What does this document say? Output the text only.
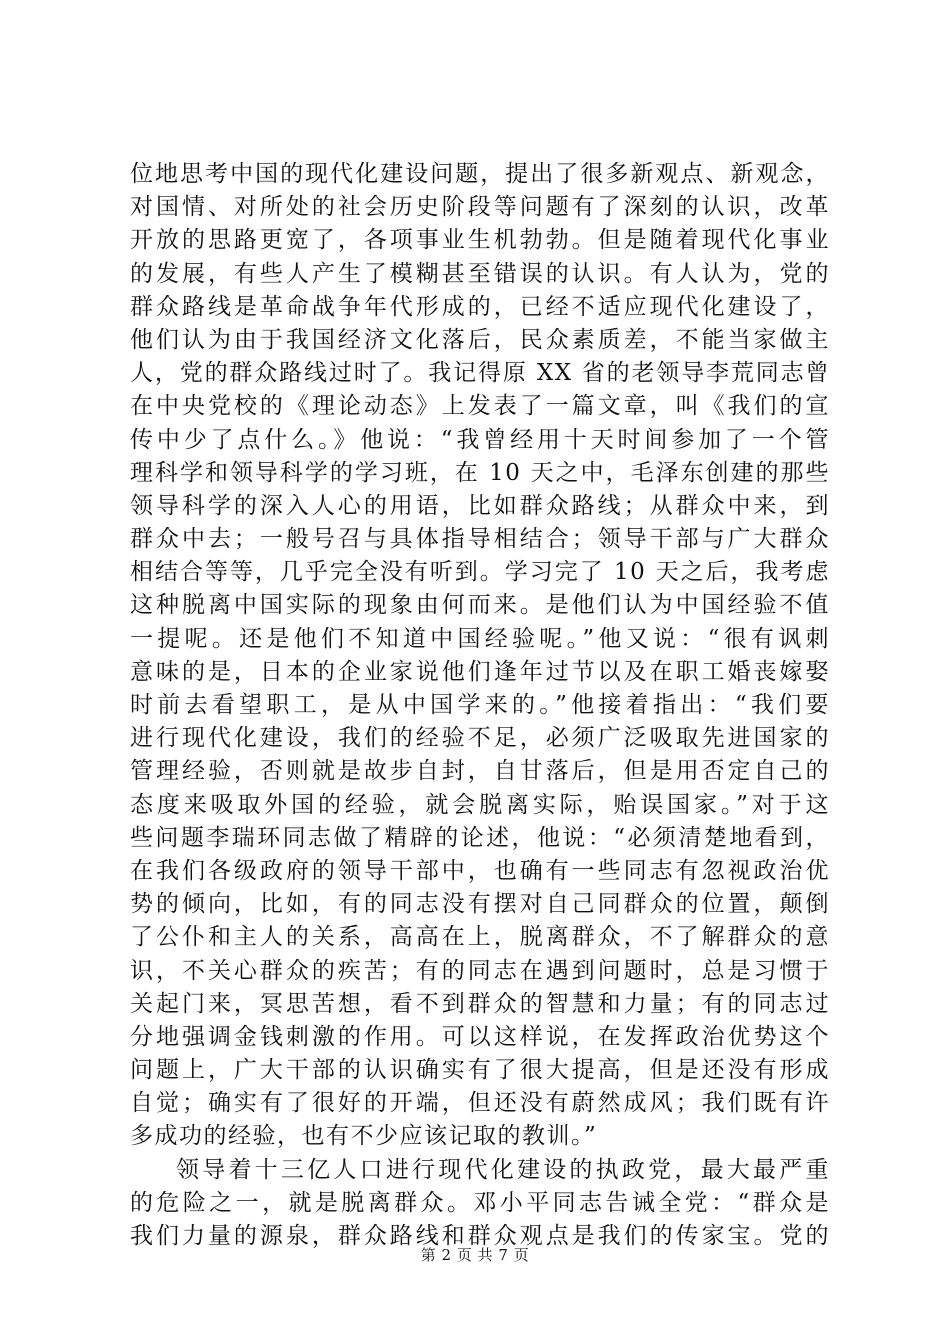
位地思考中国的现代化建设问题，提出了很多新观点、新观念，
对国情、对所处的社会历史阶段等问题有了深刻的认识，改革
开放的思路更宽了，各项事业生机勃勃。但是随着现代化事业
的发展，有些人产生了模糊甚至错误的认识。有人认为，党的
群众路线是革命战争年代形成的，已经不适应现代化建设了，
他们认为由于我国经济文化落后，民众素质差，不能当家做主
人，党的群众路线过时了。我记得原 XX 省的老领导李荒同志曾
在中央党校的《理论动态》上发表了一篇文章，叫《我们的宣
传中少了点什么。》他说：“我曾经用十天时间参加了一个管
理科学和领导科学的学习班，在 10 天之中，毛泽东创建的那些
领导科学的深入人心的用语，比如群众路线；从群众中来，到
群众中去；一般号召与具体指导相结合；领导干部与广大群众
相结合等等，几乎完全没有听到。学习完了 10 天之后，我考虑
这种脱离中国实际的现象由何而来。是他们认为中国经验不值
一提呢。还是他们不知道中国经验呢。”他又说：“很有讽刺
意味的是，日本的企业家说他们逢年过节以及在职工婚丧嫁娶
时前去看望职工，是从中国学来的。”他接着指出：“我们要
进行现代化建设，我们的经验不足，必须广泛吸取先进国家的
管理经验，否则就是故步自封，自甘落后，但是用否定自己的
态度来吸取外国的经验，就会脱离实际，贻误国家。”对于这
些问题李瑞环同志做了精辟的论述，他说：“必须清楚地看到，
在我们各级政府的领导干部中，也确有一些同志有忽视政治优
势的倾向，比如，有的同志没有摆对自己同群众的位置，颠倒
了公仆和主人的关系，高高在上，脱离群众，不了解群众的意
识，不关心群众的疾苦；有的同志在遇到问题时，总是习惯于
关起门来，冥思苦想，看不到群众的智慧和力量；有的同志过
分地强调金钱刺激的作用。可以这样说，在发挥政治优势这个
问题上，广大干部的认识确实有了很大提高，但是还没有形成
自觉；确实有了很好的开端，但还没有蔚然成风；我们既有许
多成功的经验，也有不少应该记取的教训。”
领导着十三亿人口进行现代化建设的执政党，最大最严重
的危险之一，就是脱离群众。邓小平同志告诫全党：“群众是
我们力量的源泉，群众路线和群众观点是我们的传家宝。党的
第 2 页 共 7 页
